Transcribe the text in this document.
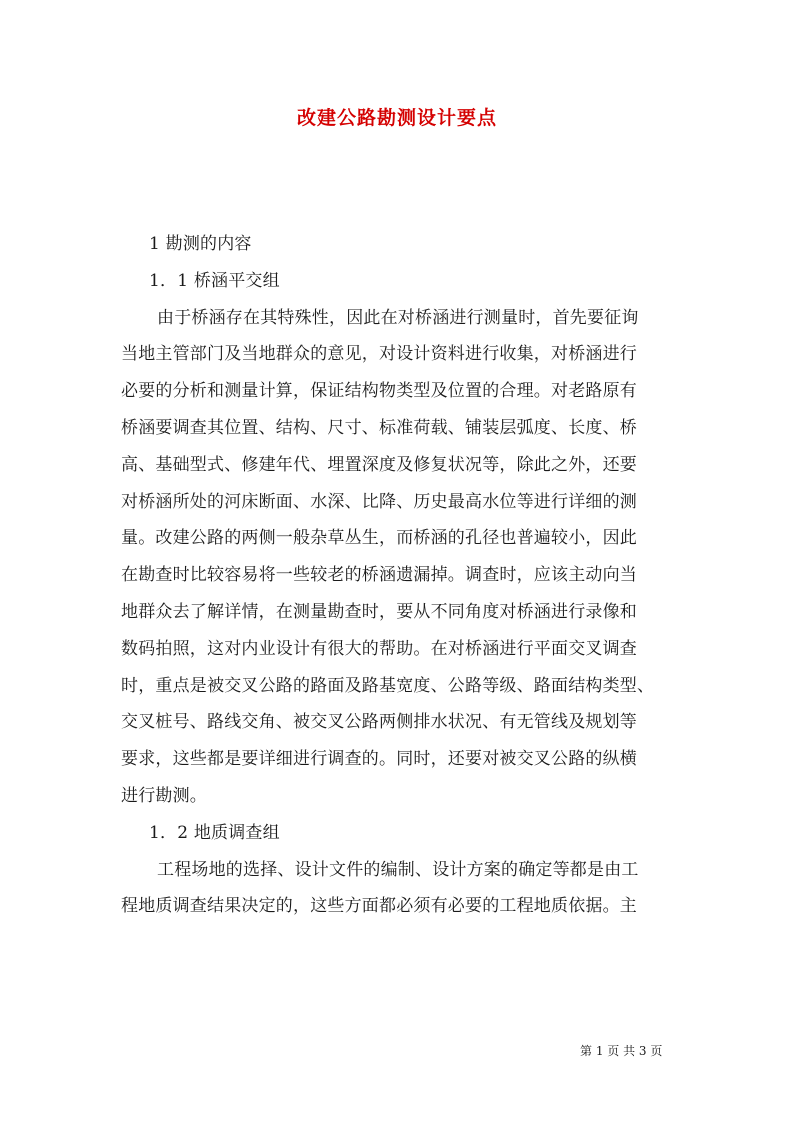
改建公路勘测设计要点
1 勘测的内容
1．1 桥涵平交组
由于桥涵存在其特殊性，因此在对桥涵进行测量时，首先要征询
当地主管部门及当地群众的意见，对设计资料进行收集，对桥涵进行
必要的分析和测量计算，保证结构物类型及位置的合理。对老路原有
桥涵要调查其位置、结构、尺寸、标准荷载、铺装层弧度、长度、桥
高、基础型式、修建年代、埋置深度及修复状况等，除此之外，还要
对桥涵所处的河床断面、水深、比降、历史最高水位等进行详细的测
量。改建公路的两侧一般杂草丛生，而桥涵的孔径也普遍较小，因此
在勘查时比较容易将一些较老的桥涵遗漏掉。调查时，应该主动向当
地群众去了解详情，在测量勘查时，要从不同角度对桥涵进行录像和
数码拍照，这对内业设计有很大的帮助。在对桥涵进行平面交叉调查
时，重点是被交叉公路的路面及路基宽度、公路等级、路面结构类型、
交叉桩号、路线交角、被交叉公路两侧排水状况、有无管线及规划等
要求，这些都是要详细进行调查的。同时，还要对被交叉公路的纵横
进行勘测。
1．2 地质调查组
工程场地的选择、设计文件的编制、设计方案的确定等都是由工
程地质调查结果决定的，这些方面都必须有必要的工程地质依据。主
第 1 页 共 3 页
